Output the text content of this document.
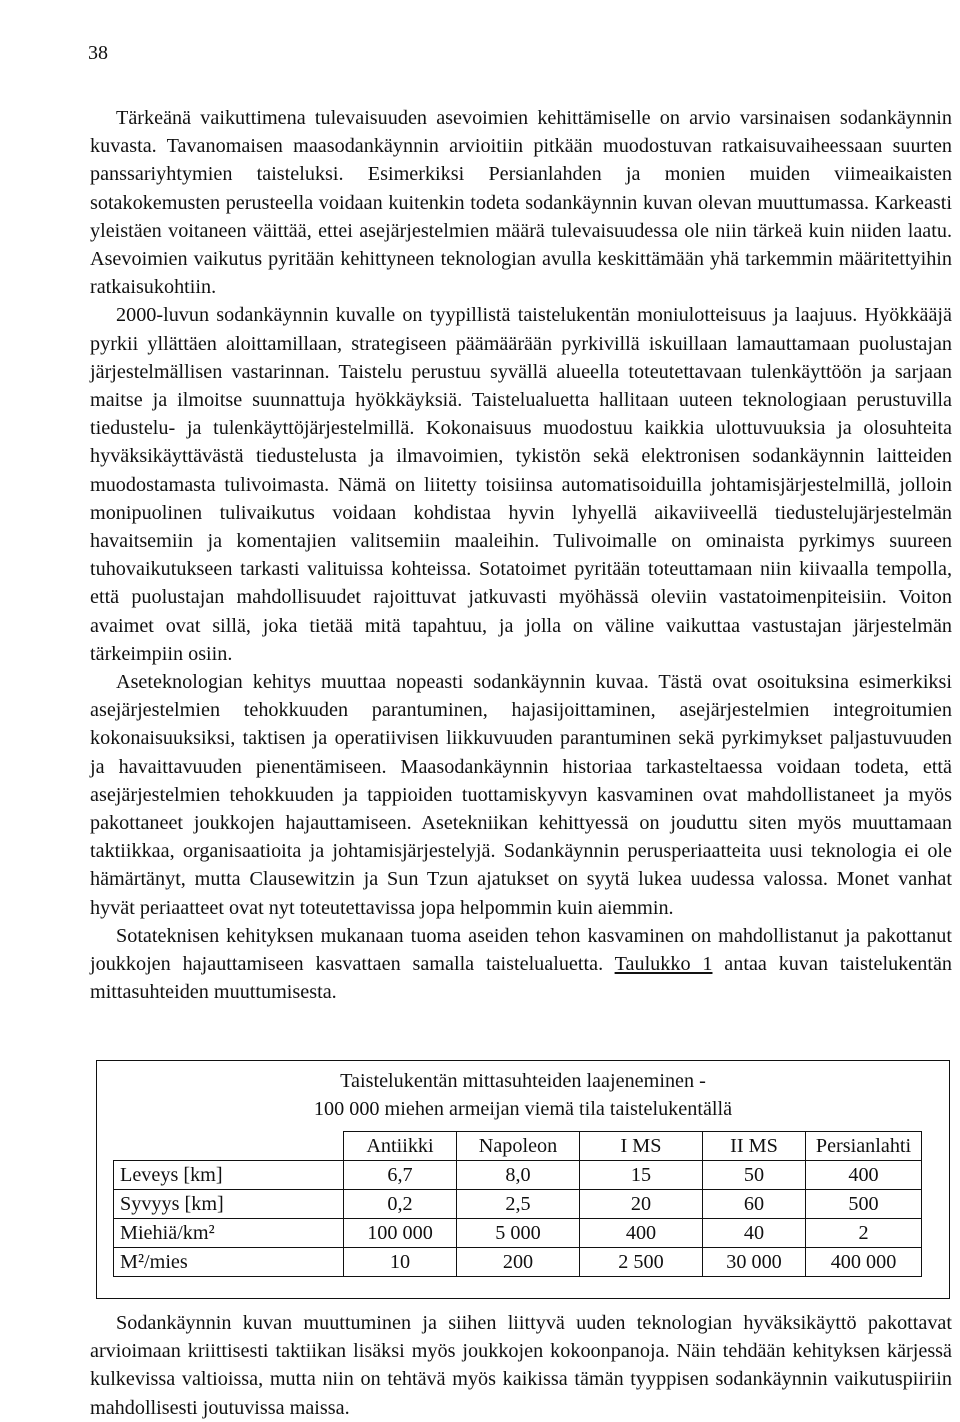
38

Tärkeänä vaikuttimena tulevaisuuden asevoimien kehittämiselle on arvio varsinaisen sodankäynnin kuvasta. Tavanomaisen maasodankäynnin arvioitiin pitkään muodostuvan ratkaisuvaiheessaan suurten panssariyhtymien taisteluksi. Esimerkiksi Persianlahden ja monien muiden viimeaikaisten sotakokemusten perusteella voidaan kuitenkin todeta sodankäynnin kuvan olevan muuttumassa. Karkeasti yleistäen voitaneen väittää, ettei asejärjestelmien määrä tulevaisuudessa ole niin tärkeä kuin niiden laatu. Asevoimien vaikutus pyritään kehittyneen teknologian avulla keskittämään yhä tarkemmin määritettyihin ratkaisukohtiin.

2000-luvun sodankäynnin kuvalle on tyypillistä taistelukentän moniulotteisuus ja laajuus. Hyökkääjä pyrkii yllättäen aloittamillaan, strategiseen päämäärään pyrkivillä iskuillaan lamauttamaan puolustajan järjestelmällisen vastarinnan. Taistelu perustuu syvällä alueella toteutettavaan tulenkäyttöön ja sarjaan maitse ja ilmoitse suunnattuja hyökkäyksiä. Taistelualuetta hallitaan uuteen teknologiaan perustuvilla tiedustelu- ja tulenkäyttöjärjestelmillä. Kokonaisuus muodostuu kaikkia ulottuvuuksia ja olosuhteita hyväksikäyttävästä tiedustelusta ja ilmavoimien, tykistön sekä elektronisen sodankäynnin laitteiden muodostamasta tulivoimasta. Nämä on liitetty toisiinsa automatisoiduilla johtamisjärjestelmillä, jolloin monipuolinen tulivaikutus voidaan kohdistaa hyvin lyhyellä aikaviiveellä tiedustelujärjestelmän havaitsemiin ja komentajien valitsemiin maaleihin. Tulivoimalle on ominaista pyrkimys suureen tuhovaikutukseen tarkasti valituissa kohteissa. Sotatoimet pyritään toteuttamaan niin kiivaalla tempolla, että puolustajan mahdollisuudet rajoittuvat jatkuvasti myöhässä oleviin vastatoimenpiteisiin. Voiton avaimet ovat sillä, joka tietää mitä tapahtuu, ja jolla on väline vaikuttaa vastustajan järjestelmän tärkeimpiin osiin.

Aseteknologian kehitys muuttaa nopeasti sodankäynnin kuvaa. Tästä ovat osoituksina esimerkiksi asejärjestelmien tehokkuuden parantuminen, hajasijoittaminen, asejärjestelmien integroitumien kokonaisuuksiksi, taktisen ja operatiivisen liikkuvuuden parantuminen sekä pyrkimykset paljastuvuuden ja havaittavuuden pienentämiseen. Maasodankäynnin historiaa tarkasteltaessa voidaan todeta, että asejärjestelmien tehokkuuden ja tappioiden tuottamiskyvyn kasvaminen ovat mahdollistaneet ja myös pakottaneet joukkojen hajauttamiseen. Asetekniikan kehittyessä on jouduttu siten myös muuttamaan taktiikkaa, organisaatioita ja johtamisjärjestelyjä. Sodankäynnin perusperiaatteita uusi teknologia ei ole hämärtänyt, mutta Clausewitzin ja Sun Tzun ajatukset on syytä lukea uudessa valossa. Monet vanhat hyvät periaatteet ovat nyt toteutettavissa jopa helpommin kuin aiemmin.

Sotateknisen kehityksen mukanaan tuoma aseiden tehon kasvaminen on mahdollistanut ja pakottanut joukkojen hajauttamiseen kasvattaen samalla taistelualuetta. Taulukko 1 antaa kuvan taistelukentän mittasuhteiden muuttumisesta.

Taistelukentän mittasuhteiden laajeneminen -
100 000 miehen armeijan viemä tila taistelukentällä
	Antiikki	Napoleon	I MS	II MS	Persianlahti
Leveys [km]	6,7	8,0	15	50	400
Syvyys [km]	0,2	2,5	20	60	500
Miehiä/km²	100 000	5 000	400	40	2
M²/mies	10	200	2 500	30 000	400 000

Sodankäynnin kuvan muuttuminen ja siihen liittyvä uuden teknologian hyväksikäyttö pakottavat arvioimaan kriittisesti taktiikan lisäksi myös joukkojen kokoonpanoja. Näin tehdään kehityksen kärjessä kulkevissa valtioissa, mutta niin on tehtävä myös kaikissa tämän tyyppisen sodankäynnin vaikutuspiiriin mahdollisesti joutuvissa maissa.
